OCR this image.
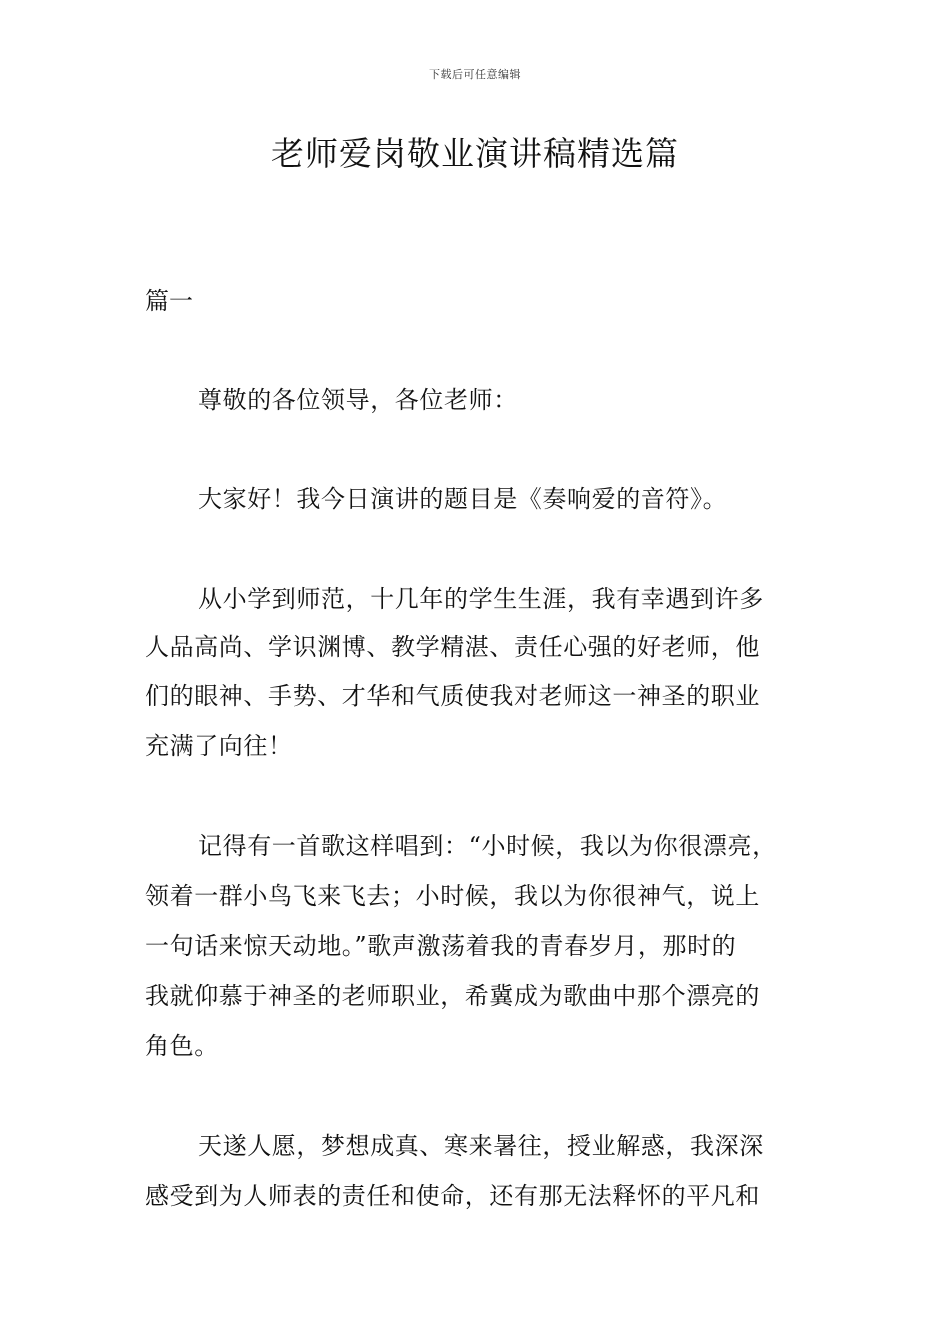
下载后可任意编辑
老师爱岗敬业演讲稿精选篇

篇一

尊敬的各位领导，各位老师：

大家好！我今日演讲的题目是《奏响爱的音符》。

从小学到师范，十几年的学生生涯，我有幸遇到许多

人品高尚、学识渊博、教学精湛、责任心强的好老师，他

们的眼神、手势、才华和气质使我对老师这一神圣的职业

充满了向往！

记得有一首歌这样唱到：“小时候，我以为你很漂亮，

领着一群小鸟飞来飞去；小时候，我以为你很神气，说上

一句话来惊天动地。”歌声激荡着我的青春岁月，那时的

我就仰慕于神圣的老师职业，希冀成为歌曲中那个漂亮的

角色。

天遂人愿，梦想成真、寒来暑往，授业解惑，我深深

感受到为人师表的责任和使命，还有那无法释怀的平凡和
